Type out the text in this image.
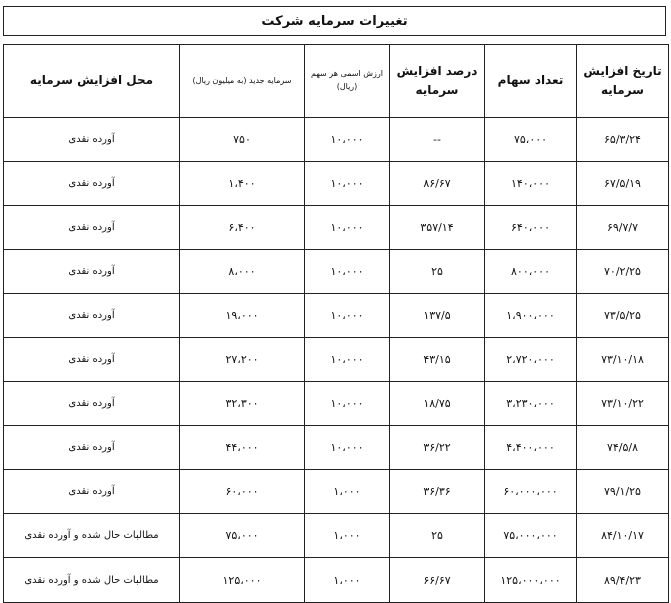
تغییرات سرمایه شرکت
تاریخ افزایش سرمایه	تعداد سهام	درصد افزایش سرمایه	ارزش اسمی هر سهم (ریال)	سرمایه جدید (به میلیون ریال)	محل افزایش سرمایه
۶۵/۳/۲۴	۷۵،۰۰۰	--	۱۰،۰۰۰	۷۵۰	آورده نقدی
۶۷/۵/۱۹	۱۴۰،۰۰۰	۸۶/۶۷	۱۰،۰۰۰	۱،۴۰۰	آورده نقدی
۶۹/۷/۷	۶۴۰،۰۰۰	۳۵۷/۱۴	۱۰،۰۰۰	۶،۴۰۰	آورده نقدی
۷۰/۲/۲۵	۸۰۰،۰۰۰	۲۵	۱۰،۰۰۰	۸،۰۰۰	آورده نقدی
۷۳/۵/۲۵	۱،۹۰۰،۰۰۰	۱۳۷/۵	۱۰،۰۰۰	۱۹،۰۰۰	آورده نقدی
۷۳/۱۰/۱۸	۲،۷۲۰،۰۰۰	۴۳/۱۵	۱۰،۰۰۰	۲۷،۲۰۰	آورده نقدی
۷۳/۱۰/۲۲	۳،۲۳۰،۰۰۰	۱۸/۷۵	۱۰،۰۰۰	۳۲،۳۰۰	آورده نقدی
۷۴/۵/۸	۴،۴۰۰،۰۰۰	۳۶/۲۲	۱۰،۰۰۰	۴۴،۰۰۰	آورده نقدی
۷۹/۱/۲۵	۶۰،۰۰۰،۰۰۰	۳۶/۳۶	۱،۰۰۰	۶۰،۰۰۰	آورده نقدی
۸۴/۱۰/۱۷	۷۵،۰۰۰،۰۰۰	۲۵	۱،۰۰۰	۷۵،۰۰۰	مطالبات حال شده و آورده نقدی
۸۹/۴/۲۳	۱۲۵،۰۰۰،۰۰۰	۶۶/۶۷	۱،۰۰۰	۱۲۵،۰۰۰	مطالبات حال شده و آورده نقدی
